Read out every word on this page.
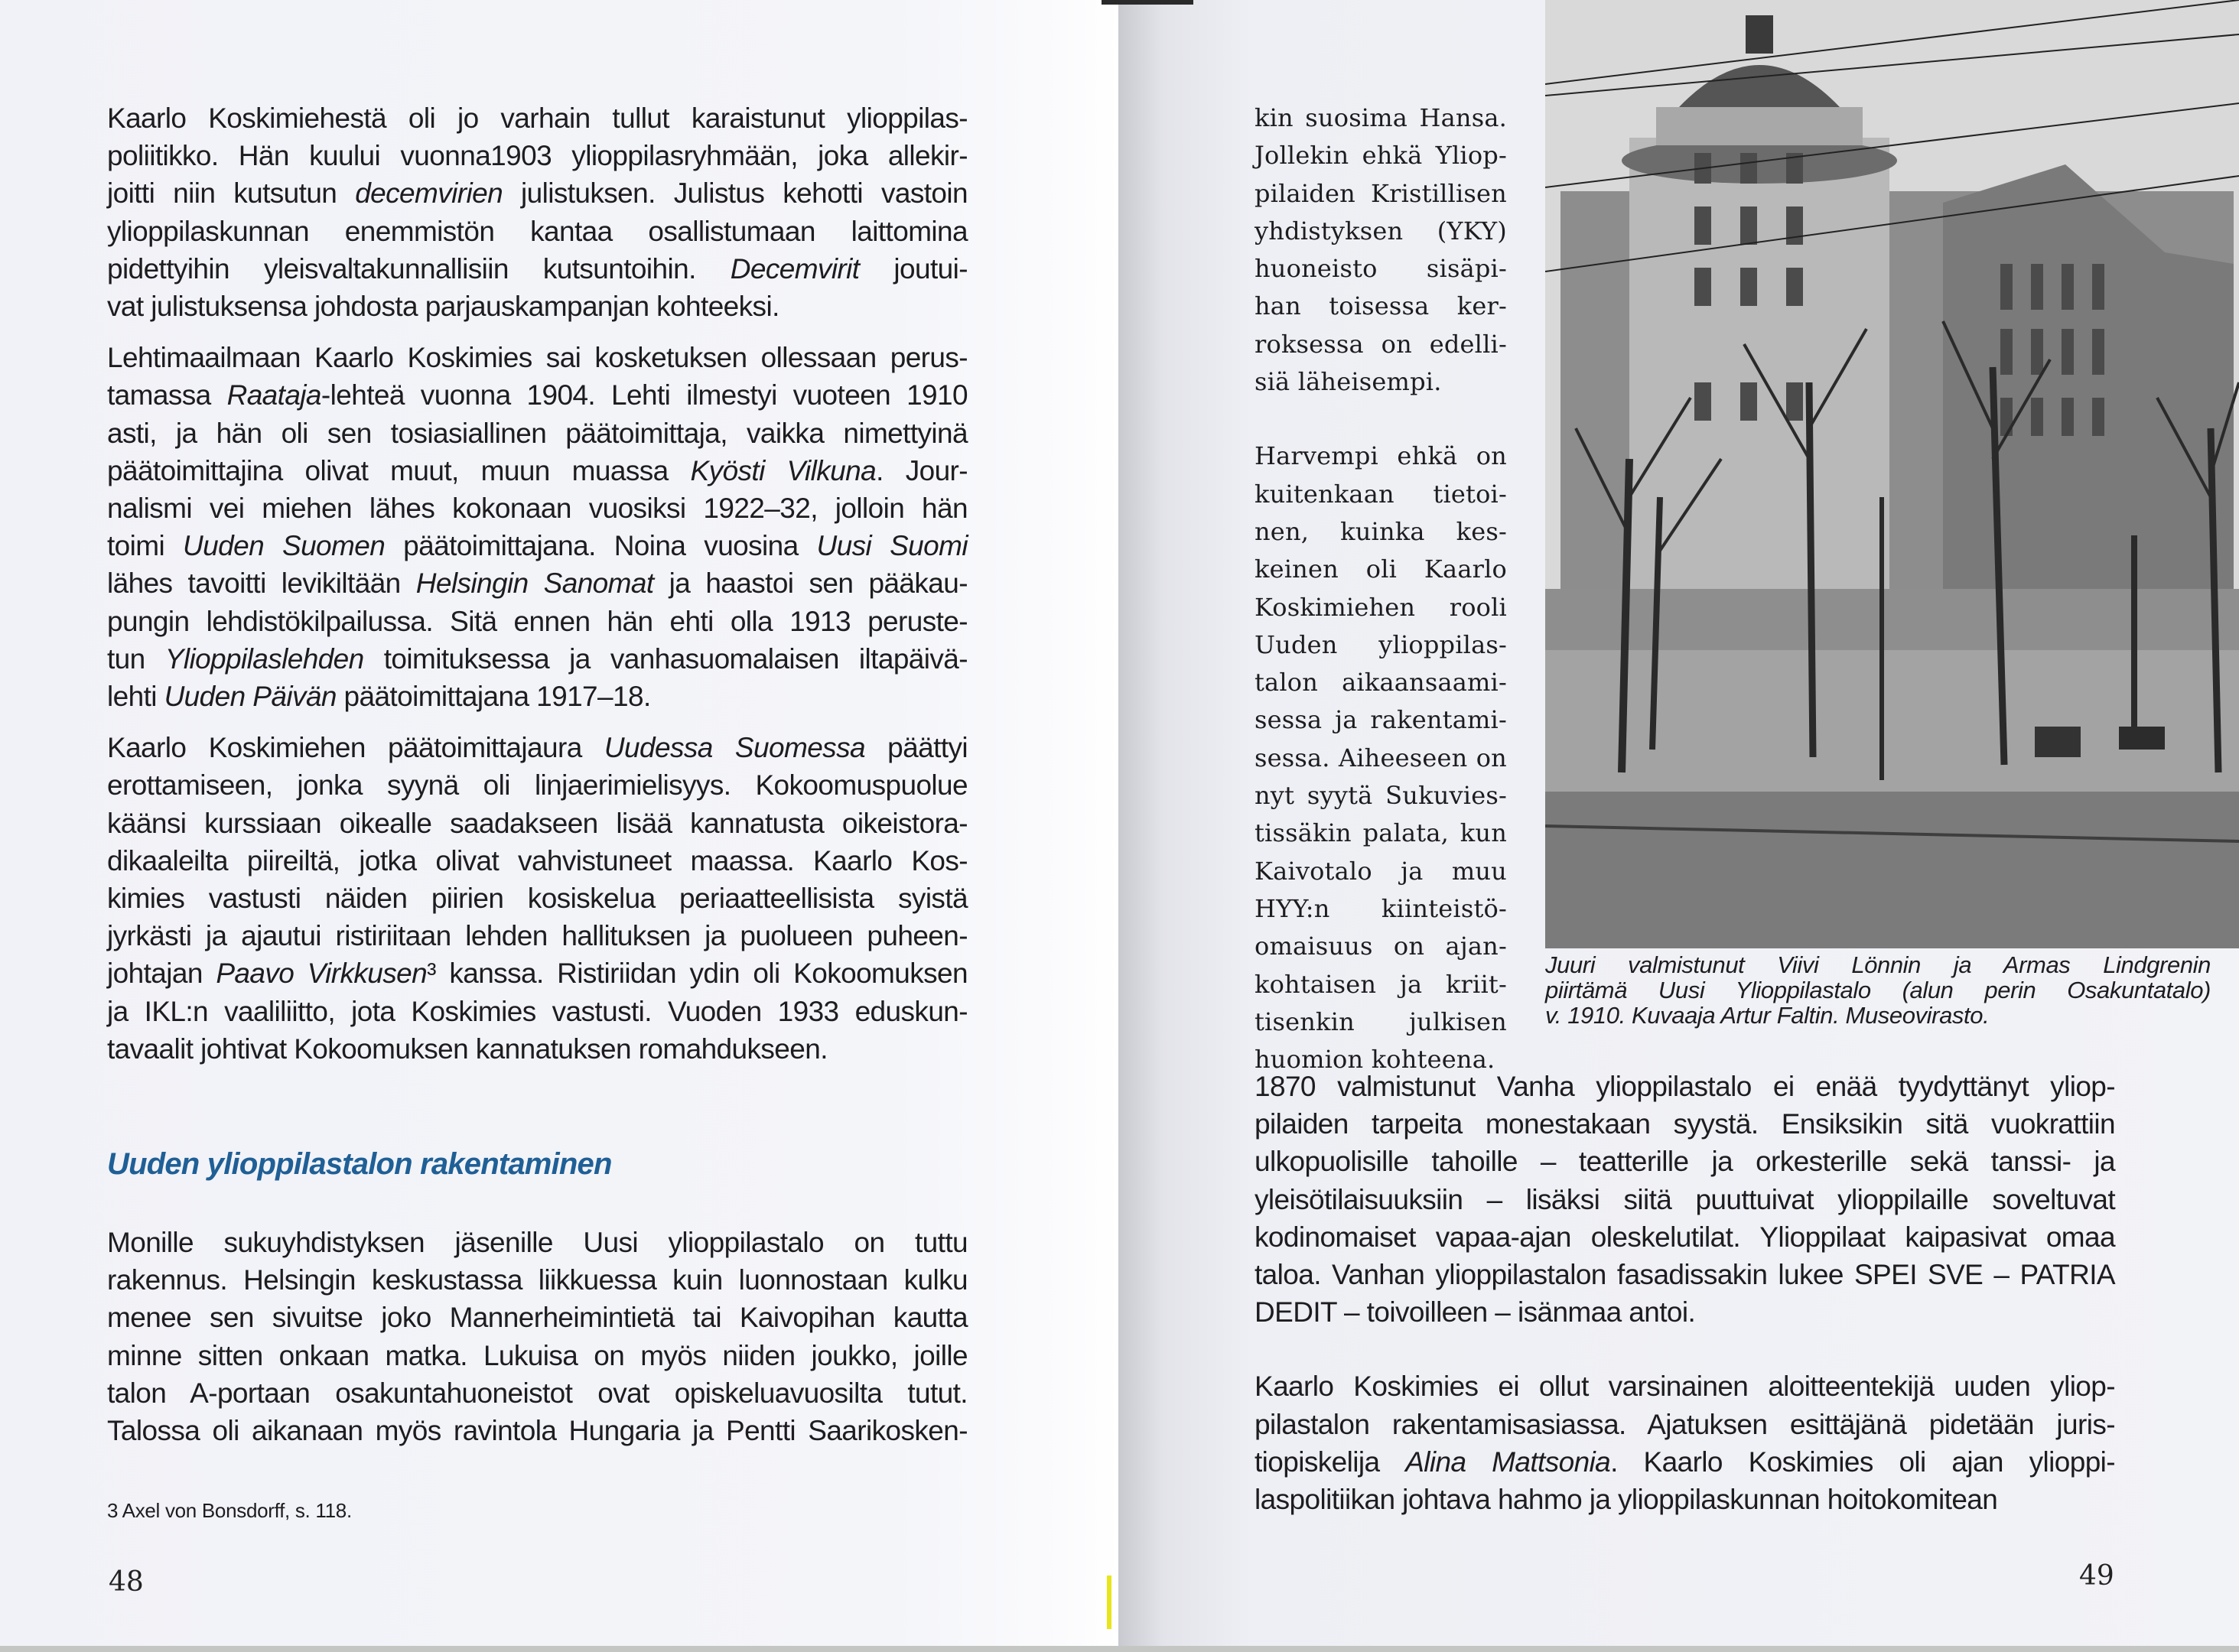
Kaarlo Koskimiehestä oli jo varhain tullut karaistunut ylioppilas-
poliitikko. Hän kuului vuonna1903 ylioppilasryhmään, joka allekir-
joitti niin kutsutun decemvirien julistuksen. Julistus kehotti vastoin
ylioppilaskunnan enemmistön kantaa osallistumaan laittomina
pidettyihin yleisvaltakunnallisiin kutsuntoihin. Decemvirit joutui-
vat julistuksensa johdosta parjauskampanjan kohteeksi.
Lehtimaailmaan Kaarlo Koskimies sai kosketuksen ollessaan perus-
tamassa Raataja-lehteä vuonna 1904. Lehti ilmestyi vuoteen 1910
asti, ja hän oli sen tosiasiallinen päätoimittaja, vaikka nimettyinä
päätoimittajina olivat muut, muun muassa Kyösti Vilkuna. Jour-
nalismi vei miehen lähes kokonaan vuosiksi 1922–32, jolloin hän
toimi Uuden Suomen päätoimittajana. Noina vuosina Uusi Suomi
lähes tavoitti levikiltään Helsingin Sanomat ja haastoi sen pääkau-
pungin lehdistökilpailussa. Sitä ennen hän ehti olla 1913 peruste-
tun Ylioppilaslehden toimituksessa ja vanhasuomalaisen iltapäivä-
lehti Uuden Päivän päätoimittajana 1917–18.
Kaarlo Koskimiehen päätoimittajaura Uudessa Suomessa päättyi
erottamiseen, jonka syynä oli linjaerimielisyys. Kokoomuspuolue
käänsi kurssiaan oikealle saadakseen lisää kannatusta oikeistora-
dikaaleilta piireiltä, jotka olivat vahvistuneet maassa. Kaarlo Kos-
kimies vastusti näiden piirien kosiskelua periaatteellisista syistä
jyrkästi ja ajautui ristiriitaan lehden hallituksen ja puolueen puheen-
johtajan Paavo Virkkusen³ kanssa. Ristiriidan ydin oli Kokoomuksen
ja IKL:n vaaliliitto, jota Koskimies vastusti. Vuoden 1933 eduskun-
tavaalit johtivat Kokoomuksen kannatuksen romahdukseen.
Uuden ylioppilastalon rakentaminen
Monille sukuyhdistyksen jäsenille Uusi ylioppilastalo on tuttu
rakennus. Helsingin keskustassa liikkuessa kuin luonnostaan kulku
menee sen sivuitse joko Mannerheimintietä tai Kaivopihan kautta
minne sitten onkaan matka. Lukuisa on myös niiden joukko, joille
talon A-portaan osakuntahuoneistot ovat opiskeluavuosilta tutut.
Talossa oli aikanaan myös ravintola Hungaria ja Pentti Saarikosken-
3 Axel von Bonsdorff, s. 118.
48
kin suosima Hansa.
Jollekin ehkä Yliop-
pilaiden Kristillisen
yhdistyksen (YKY)
huoneisto sisäpi-
han toisessa ker-
roksessa on edelli-
siä läheisempi.
Harvempi ehkä on
kuitenkaan tietoi-
nen, kuinka kes-
keinen oli Kaarlo
Koskimiehen rooli
Uuden ylioppilas-
talon aikaansaami-
sessa ja rakentami-
sessa. Aiheeseen on
nyt syytä Sukuvies-
tissäkin palata, kun
Kaivotalo ja muu
HYY:n kiinteistö-
omaisuus on ajan-
kohtaisen ja kriit-
tisenkin julkisen
huomion kohteena.
Juuri valmistunut Viivi Lönnin ja Armas Lindgrenin
piirtämä Uusi Ylioppilastalo (alun perin Osakuntatalo)
v. 1910. Kuvaaja Artur Faltin. Museovirasto.
1870 valmistunut Vanha ylioppilastalo ei enää tyydyttänyt yliop-
pilaiden tarpeita monestakaan syystä. Ensiksikin sitä vuokrattiin
ulkopuolisille tahoille – teatterille ja orkesterille sekä tanssi- ja
yleisötilaisuuksiin – lisäksi siitä puuttuivat ylioppilaille soveltuvat
kodinomaiset vapaa-ajan oleskelutilat. Ylioppilaat kaipasivat omaa
taloa. Vanhan ylioppilastalon fasadissakin lukee SPEI SVE – PATRIA
DEDIT – toivoilleen – isänmaa antoi.
Kaarlo Koskimies ei ollut varsinainen aloitteentekijä uuden yliop-
pilastalon rakentamisasiassa. Ajatuksen esittäjänä pidetään juris-
tiopiskelija Alina Mattsonia. Kaarlo Koskimies oli ajan ylioppi-
laspolitiikan johtava hahmo ja ylioppilaskunnan hoitokomitean
49
